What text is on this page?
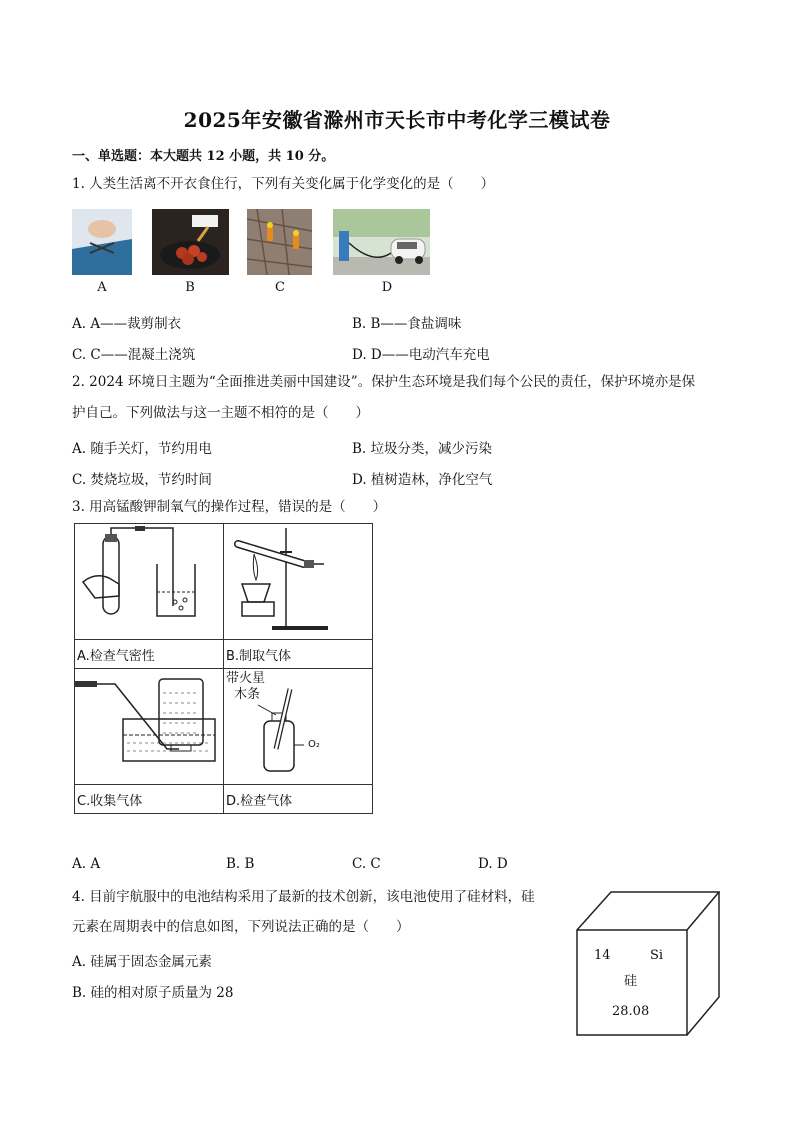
2025年安徽省滁州市天长市中考化学三模试卷
一、单选题：本大题共 12 小题，共 10 分。
1. 人类生活离不开衣食住行，下列有关变化属于化学变化的是（　　）
A	B	C	D
A. A——裁剪制衣	B. B——食盐调味
C. C——混凝土浇筑	D. D——电动汽车充电
2. 2024 环境日主题为“全面推进美丽中国建设”。保护生态环境是我们每个公民的责任，保护环境亦是保
护自己。下列做法与这一主题不相符的是（　　）
A. 随手关灯，节约用电	B. 垃圾分类，减少污染
C. 焚烧垃圾，节约时间	D. 植树造林，净化空气
3. 用高锰酸钾制氧气的操作过程，错误的是（　　）

A.检查气密性	B.制取气体

带火星
木条
O₂

C.收集气体	D.检查气体
A. A	B. B	C. C	D. D
4. 目前宇航服中的电池结构采用了最新的技术创新，该电池使用了硅材料，硅
元素在周期表中的信息如图，下列说法正确的是（　　）
A. 硅属于固态金属元素
B. 硅的相对原子质量为 28
14	Si
硅
28.08
